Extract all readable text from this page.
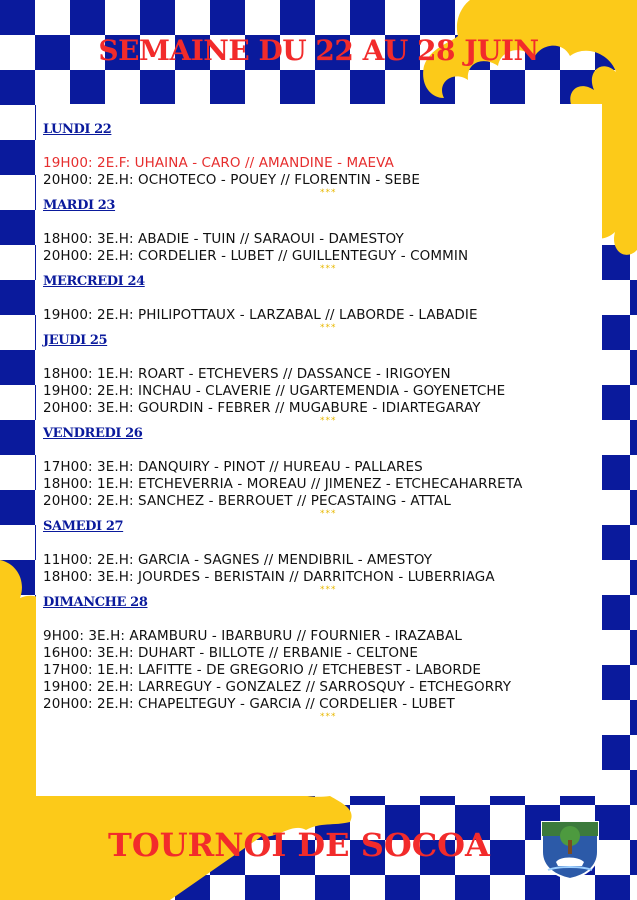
SEMAINE DU 22 AU 28 JUIN
LUNDI 22
19H00: 2E.F: UHAINA - CARO // AMANDINE - MAEVA
20H00: 2E.H: OCHOTECO - POUEY // FLORENTIN - SEBE
***
MARDI 23
18H00: 3E.H: ABADIE - TUIN // SARAOUI - DAMESTOY
20H00: 2E.H: CORDELIER - LUBET // GUILLENTEGUY - COMMIN
***
MERCREDI 24
19H00: 2E.H: PHILIPOTTAUX - LARZABAL // LABORDE - LABADIE
***
JEUDI 25
18H00: 1E.H: ROART - ETCHEVERS // DASSANCE - IRIGOYEN
19H00: 2E.H: INCHAU - CLAVERIE // UGARTEMENDIA - GOYENETCHE
20H00: 3E.H: GOURDIN - FEBRER // MUGABURE - IDIARTEGARAY
***
VENDREDI 26
17H00: 3E.H: DANQUIRY - PINOT // HUREAU - PALLARES
18H00: 1E.H: ETCHEVERRIA - MOREAU // JIMENEZ - ETCHECAHARRETA
20H00: 2E.H: SANCHEZ - BERROUET // PECASTAING - ATTAL
***
SAMEDI 27
11H00: 2E.H: GARCIA - SAGNES // MENDIBRIL - AMESTOY
18H00: 3E.H: JOURDES - BERISTAIN // DARRITCHON - LUBERRIAGA
***
DIMANCHE 28
9H00: 3E.H: ARAMBURU - IBARBURU // FOURNIER - IRAZABAL
16H00: 3E.H: DUHART - BILLOTE // ERBANIE - CELTONE
17H00: 1E.H: LAFITTE - DE GREGORIO // ETCHEBEST - LABORDE
19H00: 2E.H: LARREGUY - GONZALEZ // SARROSQUY - ETCHEGORRY
20H00: 2E.H: CHAPELTEGUY - GARCIA // CORDELIER - LUBET
***
TOURNOI DE SOCOA
